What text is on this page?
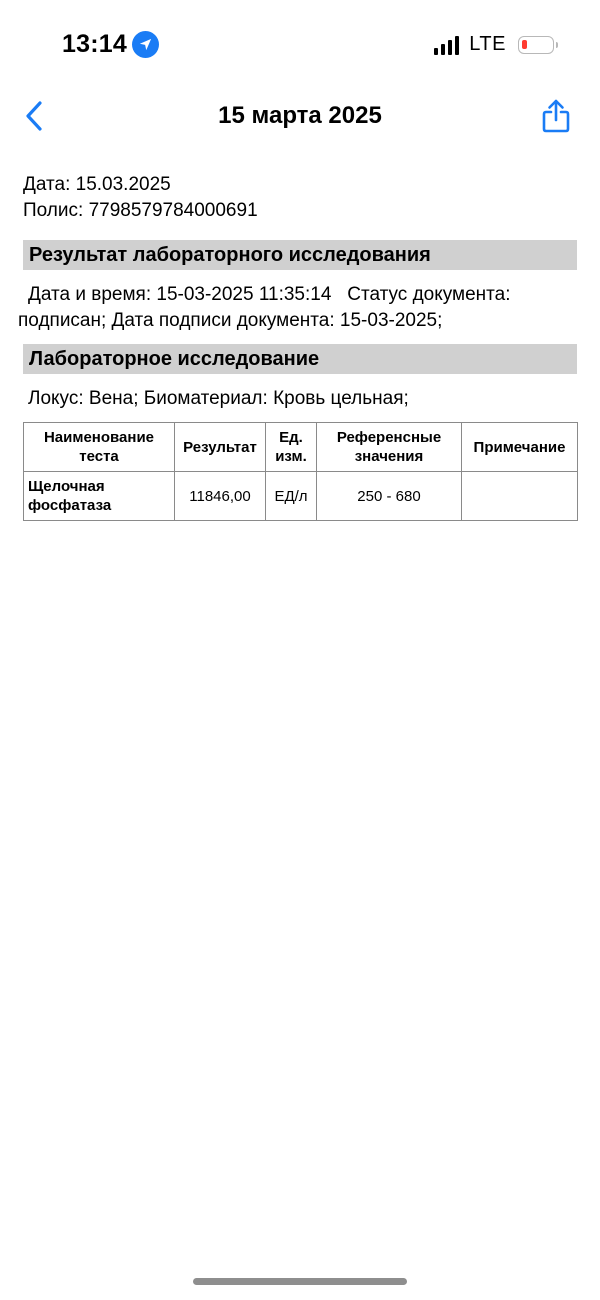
13:14	LTE
15 марта 2025
Дата: 15.03.2025
Полис: 7798579784000691
Результат лабораторного исследования
Дата и время: 15-03-2025 11:35:14   Статус документа:
подписан; Дата подписи документа: 15-03-2025;
Лабораторное исследование
Локус: Вена; Биоматериал: Кровь цельная;
Наименование теста	Результат	Ед. изм.	Референсные значения	Примечание
Щелочная фосфатаза	11846,00	ЕД/л	250 - 680	
